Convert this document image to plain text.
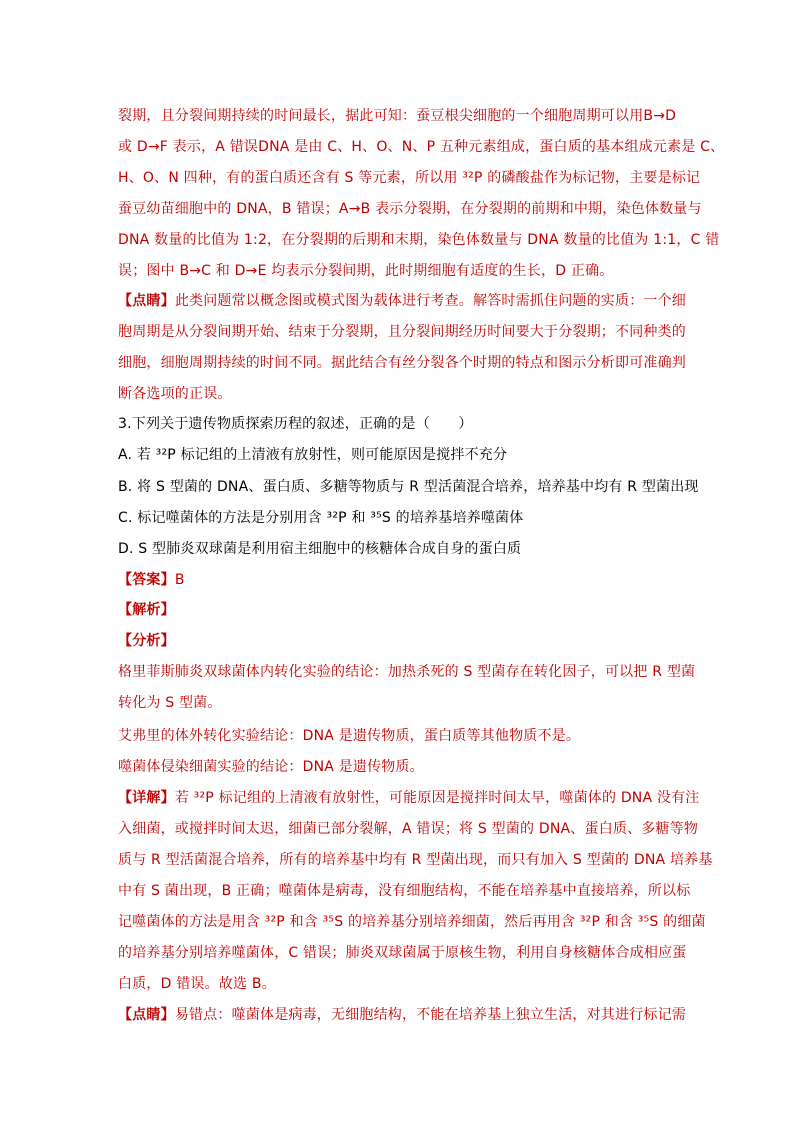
裂期，且分裂间期持续的时间最长，据此可知：蚕豆根尖细胞的一个细胞周期可以用B→D
或 D→F 表示，A 错误DNA 是由 C、H、O、N、P 五种元素组成，蛋白质的基本组成元素是 C、
H、O、N 四种，有的蛋白质还含有 S 等元素，所以用 ³²P 的磷酸盐作为标记物，主要是标记
蚕豆幼苗细胞中的 DNA，B 错误；A→B 表示分裂期，在分裂期的前期和中期，染色体数量与
DNA 数量的比值为 1:2，在分裂期的后期和末期，染色体数量与 DNA 数量的比值为 1:1，C 错
误；图中 B→C 和 D→E 均表示分裂间期，此时期细胞有适度的生长，D 正确。
【点睛】此类问题常以概念图或模式图为载体进行考查。解答时需抓住问题的实质：一个细
胞周期是从分裂间期开始、结束于分裂期，且分裂间期经历时间要大于分裂期；不同种类的
细胞，细胞周期持续的时间不同。据此结合有丝分裂各个时期的特点和图示分析即可准确判
断各选项的正误。
3.下列关于遗传物质探索历程的叙述，正确的是（　　）
A. 若 ³²P 标记组的上清液有放射性，则可能原因是搅拌不充分
B. 将 S 型菌的 DNA、蛋白质、多糖等物质与 R 型活菌混合培养，培养基中均有 R 型菌出现
C. 标记噬菌体的方法是分别用含 ³²P 和 ³⁵S 的培养基培养噬菌体
D. S 型肺炎双球菌是利用宿主细胞中的核糖体合成自身的蛋白质
【答案】B
【解析】
【分析】
格里菲斯肺炎双球菌体内转化实验的结论：加热杀死的 S 型菌存在转化因子，可以把 R 型菌
转化为 S 型菌。
艾弗里的体外转化实验结论：DNA 是遗传物质，蛋白质等其他物质不是。
噬菌体侵染细菌实验的结论：DNA 是遗传物质。
【详解】若 ³²P 标记组的上清液有放射性，可能原因是搅拌时间太早，噬菌体的 DNA 没有注
入细菌，或搅拌时间太迟，细菌已部分裂解，A 错误；将 S 型菌的 DNA、蛋白质、多糖等物
质与 R 型活菌混合培养，所有的培养基中均有 R 型菌出现，而只有加入 S 型菌的 DNA 培养基
中有 S 菌出现，B 正确；噬菌体是病毒，没有细胞结构，不能在培养基中直接培养，所以标
记噬菌体的方法是用含 ³²P 和含 ³⁵S 的培养基分别培养细菌，然后再用含 ³²P 和含 ³⁵S 的细菌
的培养基分别培养噬菌体，C 错误；肺炎双球菌属于原核生物，利用自身核糖体合成相应蛋
白质，D 错误。故选 B。
【点睛】易错点：噬菌体是病毒，无细胞结构，不能在培养基上独立生活，对其进行标记需
